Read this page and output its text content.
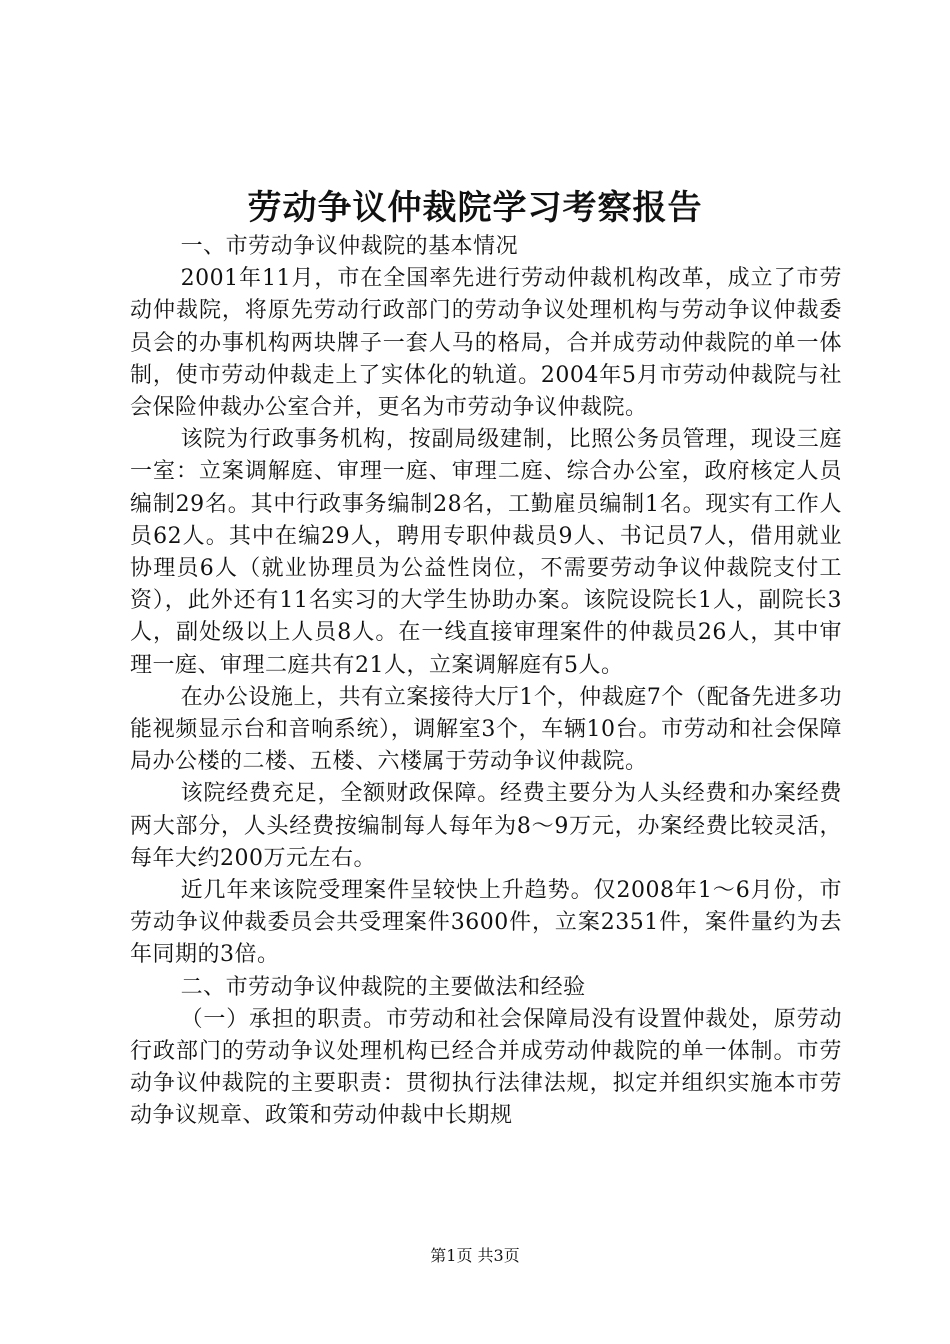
劳动争议仲裁院学习考察报告

一、市劳动争议仲裁院的基本情况

2001年11月，市在全国率先进行劳动仲裁机构改革，成立了市劳动仲裁院，将原先劳动行政部门的劳动争议处理机构与劳动争议仲裁委员会的办事机构两块牌子一套人马的格局，合并成劳动仲裁院的单一体制，使市劳动仲裁走上了实体化的轨道。2004年5月市劳动仲裁院与社会保险仲裁办公室合并，更名为市劳动争议仲裁院。

该院为行政事务机构，按副局级建制，比照公务员管理，现设三庭一室：立案调解庭、审理一庭、审理二庭、综合办公室，政府核定人员编制29名。其中行政事务编制28名，工勤雇员编制1名。现实有工作人员62人。其中在编29人，聘用专职仲裁员9人、书记员7人，借用就业协理员6人（就业协理员为公益性岗位，不需要劳动争议仲裁院支付工资），此外还有11名实习的大学生协助办案。该院设院长1人，副院长3人，副处级以上人员8人。在一线直接审理案件的仲裁员26人，其中审理一庭、审理二庭共有21人，立案调解庭有5人。

在办公设施上，共有立案接待大厅1个，仲裁庭7个（配备先进多功能视频显示台和音响系统），调解室3个，车辆10台。市劳动和社会保障局办公楼的二楼、五楼、六楼属于劳动争议仲裁院。

该院经费充足，全额财政保障。经费主要分为人头经费和办案经费两大部分，人头经费按编制每人每年为8～9万元，办案经费比较灵活，每年大约200万元左右。

近几年来该院受理案件呈较快上升趋势。仅2008年1～6月份，市劳动争议仲裁委员会共受理案件3600件，立案2351件，案件量约为去年同期的3倍。

二、市劳动争议仲裁院的主要做法和经验

（一）承担的职责。市劳动和社会保障局没有设置仲裁处，原劳动行政部门的劳动争议处理机构已经合并成劳动仲裁院的单一体制。市劳动争议仲裁院的主要职责：贯彻执行法律法规，拟定并组织实施本市劳动争议规章、政策和劳动仲裁中长期规

第1页 共3页
